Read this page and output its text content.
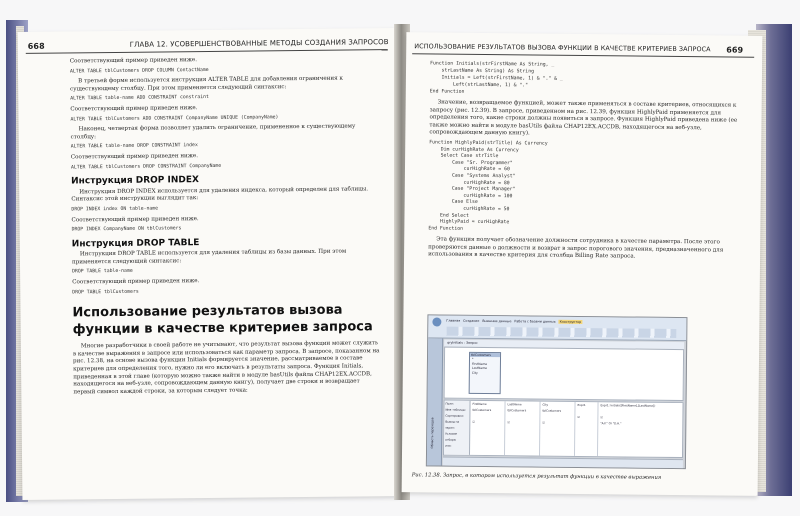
668	ГЛАВА 12. УСОВЕРШЕНСТВОВАННЫЕ МЕТОДЫ СОЗДАНИЯ ЗАПРОСОВ
Соответствующий пример приведен ниже.
ALTER TABLE tblCustomers DROP COLUMN ContactName
В третьей форме используется инструкция ALTER TABLE для добавления ограничения к существующему столбцу. При этом применяется следующий синтаксис:
ALTER TABLE table-name ADD CONSTRAINT constraint
Соответствующий пример приведен ниже.
ALTER TABLE tblCustomers ADD CONSTRAINT CompanyName UNIQUE (CompanyName)
Наконец, четвертая форма позволяет удалить ограничение, примененное к существующему столбцу:
ALTER TABLE table-name DROP CONSTRAINT index
Соответствующий пример приведен ниже.
ALTER TABLE tblCustomers DROP CONSTRAINT CompanyName
Инструкция DROP INDEX
Инструкция DROP INDEX используется для удаления индекса, который определен для таблицы. Синтаксис этой инструкции выглядит так:
DROP INDEX index ON table-name
Соответствующий пример приведен ниже.
DROP INDEX CompanyName ON tblCustomers
Инструкция DROP TABLE
Инструкция DROP TABLE используется для удаления таблицы из базы данных. При этом применяется следующий синтаксис:
DROP TABLE table-name
Соответствующий пример приведен ниже.
DROP TABLE tblCustomers
Использование результатов вызова функции в качестве критериев запроса
Многие разработчики в своей работе не учитывают, что результат вызова функции может служить в качестве выражения в запросе или использоваться как параметр запроса. В запросе, показанном на рис. 12.38, на основе вызова функции Initials формируется значение, рассматриваемое в составе критериев для определения того, нужно ли его включать в результаты запроса. Функция Initials, приведенная в этой главе (которую можно также найти в модуле basUtils файла CHAP12EX.ACCDB, находящегося на веб-узле, сопровождающем данную книгу), получает две строки и возвращает первый символ каждой строки, за которым следует точка:
ИСПОЛЬЗОВАНИЕ РЕЗУЛЬТАТОВ ВЫЗОВА ФУНКЦИИ В КАЧЕСТВЕ КРИТЕРИЕВ ЗАПРОСА 669
Function Initials(strFirstName As String, _
strLastName As String) As String
Initials = Left(strFirstName, 1) & "." & _
Left(strLastName, 1) & "."
End Function
Значение, возвращаемое функцией, может также применяться в составе критериев, относящихся к запросу (рис. 12.39). В запросе, приведенном на рис. 12.39, функция HighlyPaid применяется для определения того, какие строки должны появиться в запросе. Функция HighlyPaid приведена ниже (ее также можно найти в модуле basUtils файла CHAP12EX.ACCDB, находящегося на веб-узле, сопровождающем данную книгу).
Function HighlyPaid(strTitle) As Currency
Dim curHighRate As Currency
Select Case strTitle
Case "Sr. Programmer"
curHighRate = 60
Case "Systems Analyst"
curHighRate = 80
Case "Project Manager"
curHighRate = 100
Case Else
curHighRate = 50
End Select
HighlyPaid = curHighRate
End Function
Эта функция получает обозначение должности сотрудника в качестве параметра. После этого проверяются данные о должности и возврат в запрос порогового значения, предназначенного для использования в качестве критерия для столбца Billing Rate запроса.
Главная Создание Внешние данные Работа с базами данных	Конструктор
Область переходов
qryInitials : Запрос
tblCustomers
*
FirstName
LastName
City
Поле:
Имя таблицы:
Сортировка:
Вывод на экран:
Условие отбора:
или:
FirstName
tblCustomers

☑
LastName
tblCustomers

☑
City
tblCustomers

☑
Expr1

☑
Expr1: Initials([FirstName],[LastName])

☑
"A.F." Or "D.H."
Рис. 12.38. Запрос, в котором используется результат функции в качестве выражения
